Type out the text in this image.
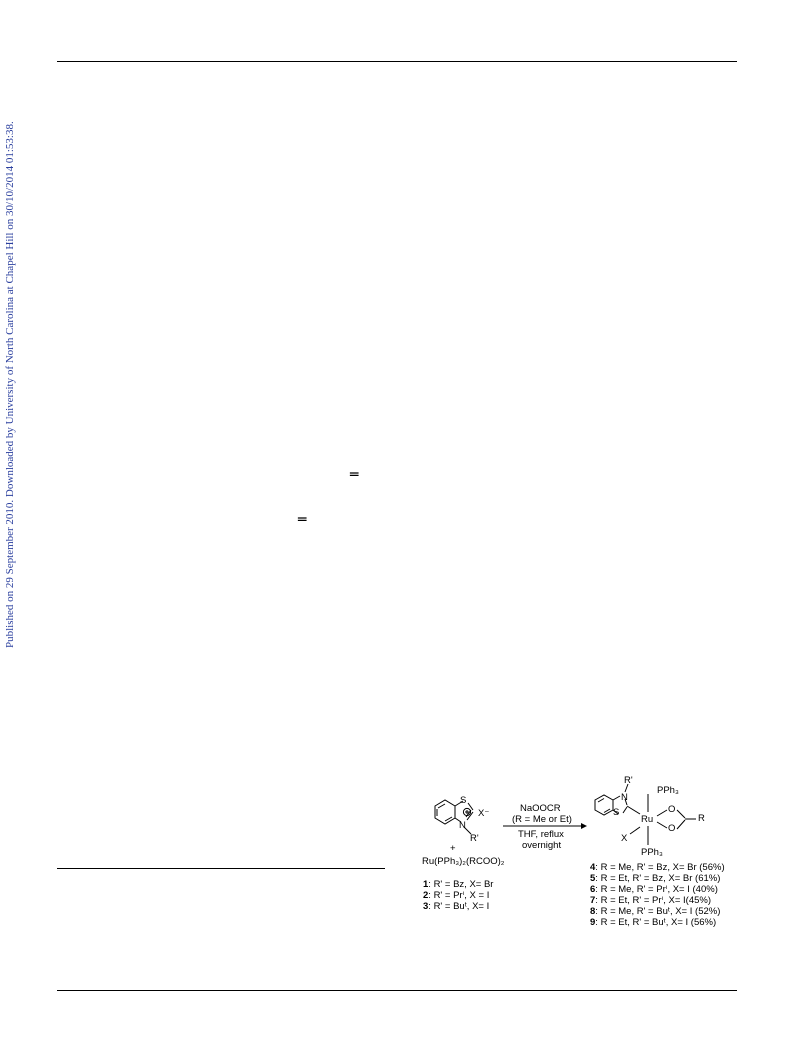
Published on 29 September 2010. Downloaded by University of North Carolina at Chapel Hill on 30/10/2014 01:53:38.	═
═
S
X⁻
N
R'
+
Ru(PPh₃)₂(RCOO)₂
1: R' = Bz, X= Br
2: R' = Prⁱ, X = I
3: R' = Buᵗ, X= I
NaOOCR
(R = Me or Et)
THF, reflux
overnight
R'
N
S
PPh₃
Ru
O
O
R
X
PPh₃
4: R = Me, R' = Bz, X= Br (56%)
5: R = Et, R' = Bz, X= Br (61%)
6: R = Me, R' = Prⁱ, X= I (40%)
7: R = Et, R' = Prⁱ, X= I(45%)
8: R = Me, R' = Buᵗ, X= I (52%)
9: R = Et, R' = Buᵗ, X= I (56%)
